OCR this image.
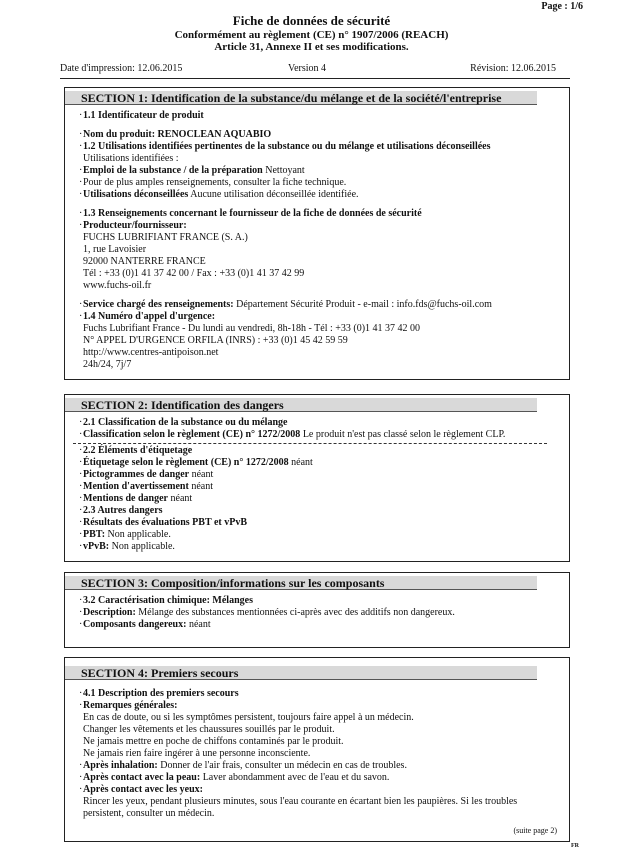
Page : 1/6
Fiche de données de sécurité
Conformément au règlement (CE) n° 1907/2006 (REACH)
Article 31, Annexe II et ses modifications.
Date d'impression: 12.06.2015	Version 4	Révision: 12.06.2015
SECTION 1: Identification de la substance/du mélange et de la société/l'entreprise
·1.1 Identificateur de produit
·Nom du produit: RENOCLEAN AQUABIO
·1.2 Utilisations identifiées pertinentes de la substance ou du mélange et utilisations déconseillées
Utilisations identifiées :
·Emploi de la substance / de la préparation Nettoyant
·Pour de plus amples renseignements, consulter la fiche technique.
·Utilisations déconseillées Aucune utilisation déconseillée identifiée.
·1.3 Renseignements concernant le fournisseur de la fiche de données de sécurité
·Producteur/fournisseur:
FUCHS LUBRIFIANT FRANCE (S. A.)
1, rue Lavoisier
92000 NANTERRE FRANCE
Tél : +33 (0)1 41 37 42 00 / Fax : +33 (0)1 41 37 42 99
www.fuchs-oil.fr
·Service chargé des renseignements: Département Sécurité Produit - e-mail : info.fds@fuchs-oil.com
·1.4 Numéro d'appel d'urgence:
Fuchs Lubrifiant France - Du lundi au vendredi, 8h-18h - Tél : +33 (0)1 41 37 42 00
N° APPEL D'URGENCE ORFILA (INRS) : +33 (0)1 45 42 59 59
http://www.centres-antipoison.net
24h/24, 7j/7
SECTION 2: Identification des dangers
·2.1 Classification de la substance ou du mélange
·Classification selon le règlement (CE) n° 1272/2008 Le produit n'est pas classé selon le règlement CLP.
·2.2 Éléments d'étiquetage
·Étiquetage selon le règlement (CE) n° 1272/2008 néant
·Pictogrammes de danger néant
·Mention d'avertissement néant
·Mentions de danger néant
·2.3 Autres dangers
·Résultats des évaluations PBT et vPvB
·PBT: Non applicable.
·vPvB: Non applicable.
SECTION 3: Composition/informations sur les composants
·3.2 Caractérisation chimique: Mélanges
·Description: Mélange des substances mentionnées ci-après avec des additifs non dangereux.
·Composants dangereux: néant
SECTION 4: Premiers secours
·4.1 Description des premiers secours
·Remarques générales:
En cas de doute, ou si les symptômes persistent, toujours faire appel à un médecin.
Changer les vêtements et les chaussures souillés par le produit.
Ne jamais mettre en poche de chiffons contaminés par le produit.
Ne jamais rien faire ingérer à une personne inconsciente.
·Après inhalation: Donner de l'air frais, consulter un médecin en cas de troubles.
·Après contact avec la peau: Laver abondamment avec de l'eau et du savon.
·Après contact avec les yeux:
Rincer les yeux, pendant plusieurs minutes, sous l'eau courante en écartant bien les paupières. Si les troubles
persistent, consulter un médecin.
(suite page 2)
FR
